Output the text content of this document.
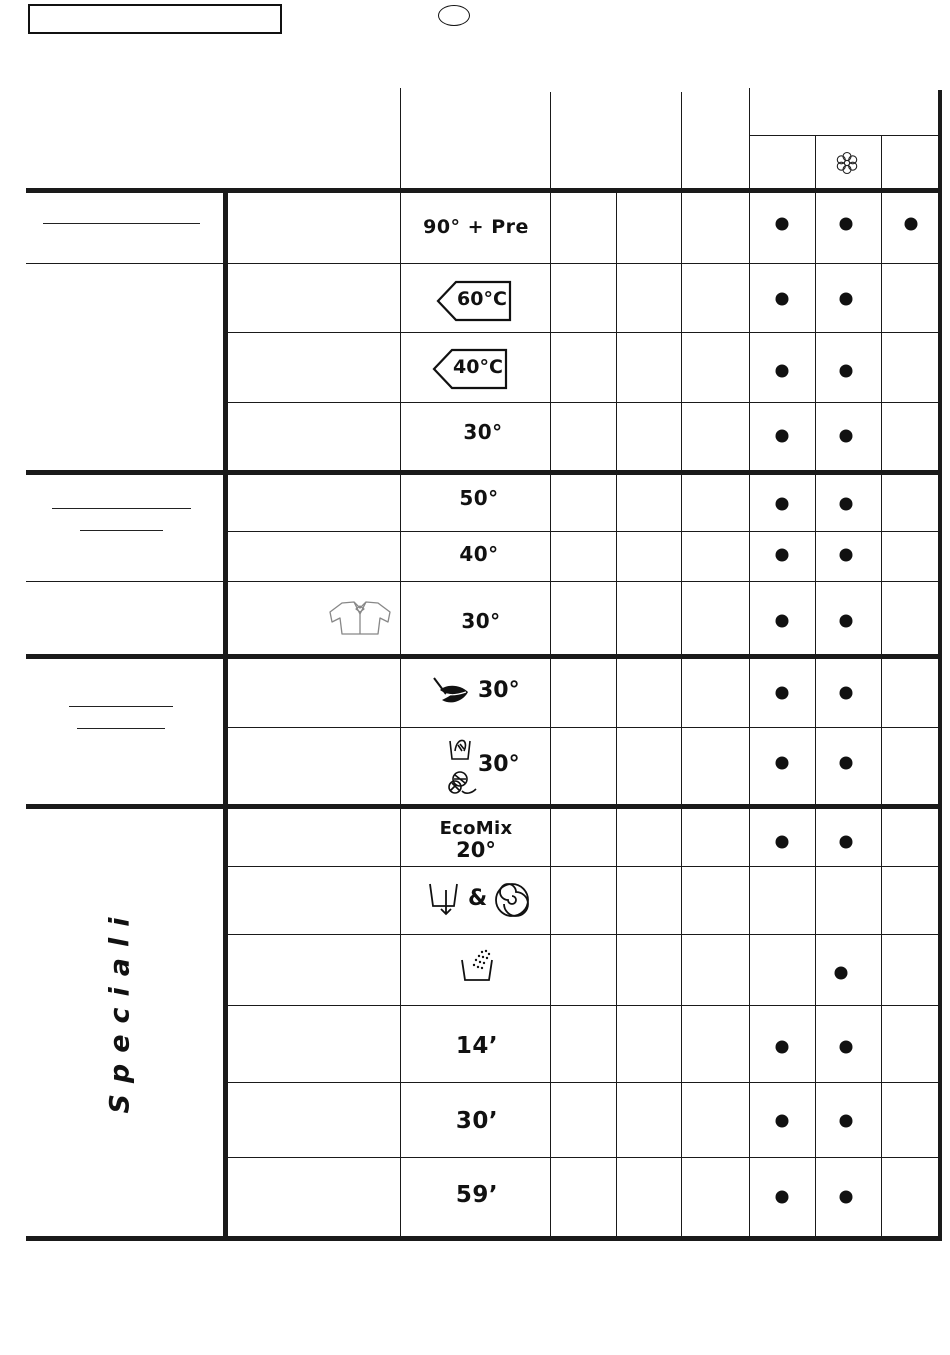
Speciali
90° + Pre
60°C
40°C
30°
50°
40°
30°
30°
30°
EcoMix
20°
&
14’
30’
59’
